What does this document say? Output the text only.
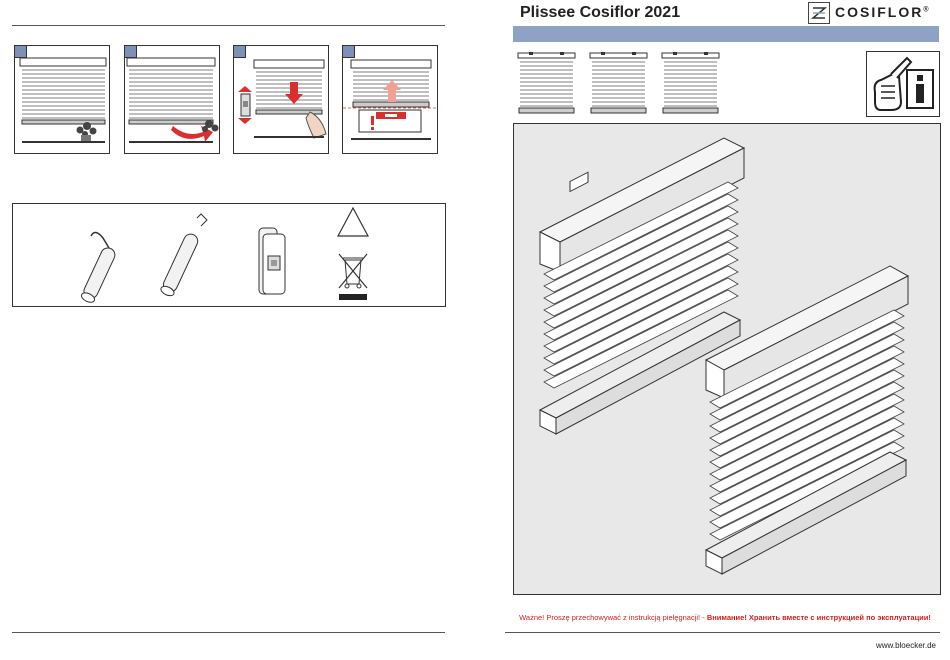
Plissee Cosiflor 2021	COSIFLOR®
Ważne! Proszę przechowywać z instrukcją pielęgnacji! - Внимание! Хранить вместе с инструкцией по эксплуатации!
www.bloecker.de
